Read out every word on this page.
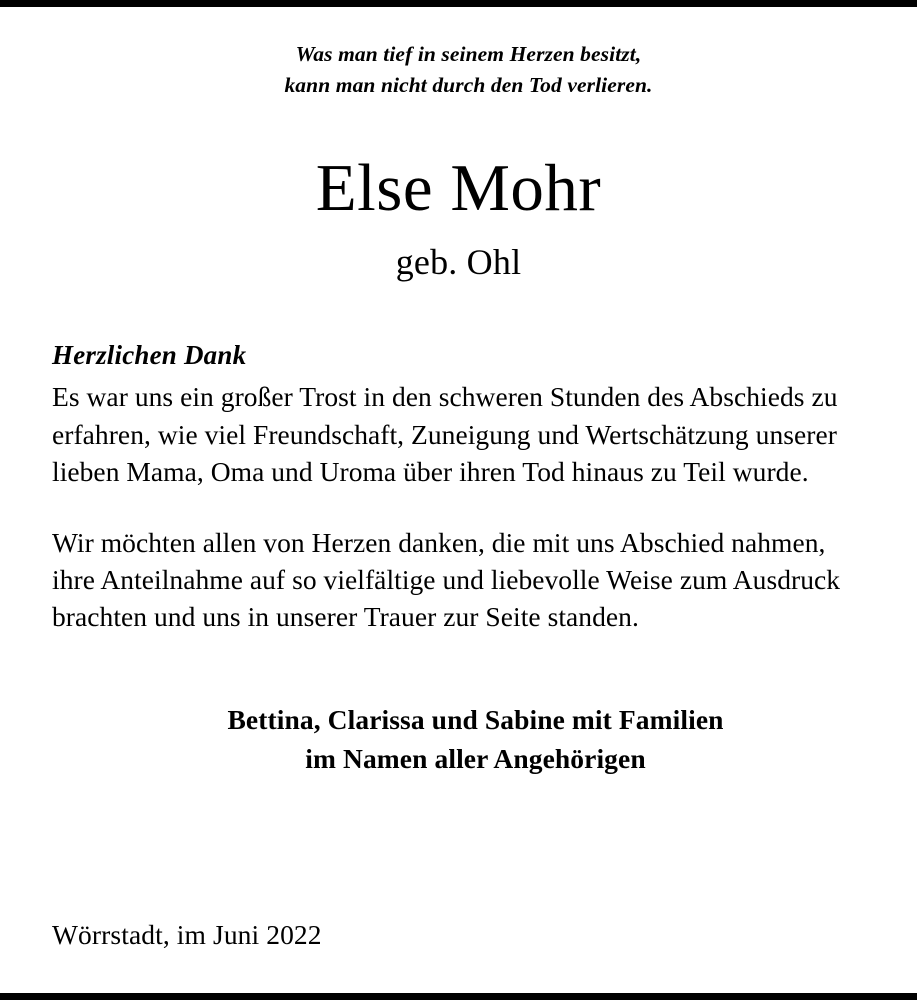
Was man tief in seinem Herzen besitzt,
kann man nicht durch den Tod verlieren.
Else Mohr
geb. Ohl
Herzlichen Dank

Es war uns ein großer Trost in den schweren Stunden des Abschieds zu erfahren, wie viel Freundschaft, Zuneigung und Wertschätzung unserer lieben Mama, Oma und Uroma über ihren Tod hinaus zu Teil wurde.

Wir möchten allen von Herzen danken, die mit uns Abschied nahmen, ihre Anteilnahme auf so vielfältige und liebevolle Weise zum Ausdruck brachten und uns in unserer Trauer zur Seite standen.

Bettina, Clarissa und Sabine mit Familien
im Namen aller Angehörigen
Wörrstadt, im Juni 2022
